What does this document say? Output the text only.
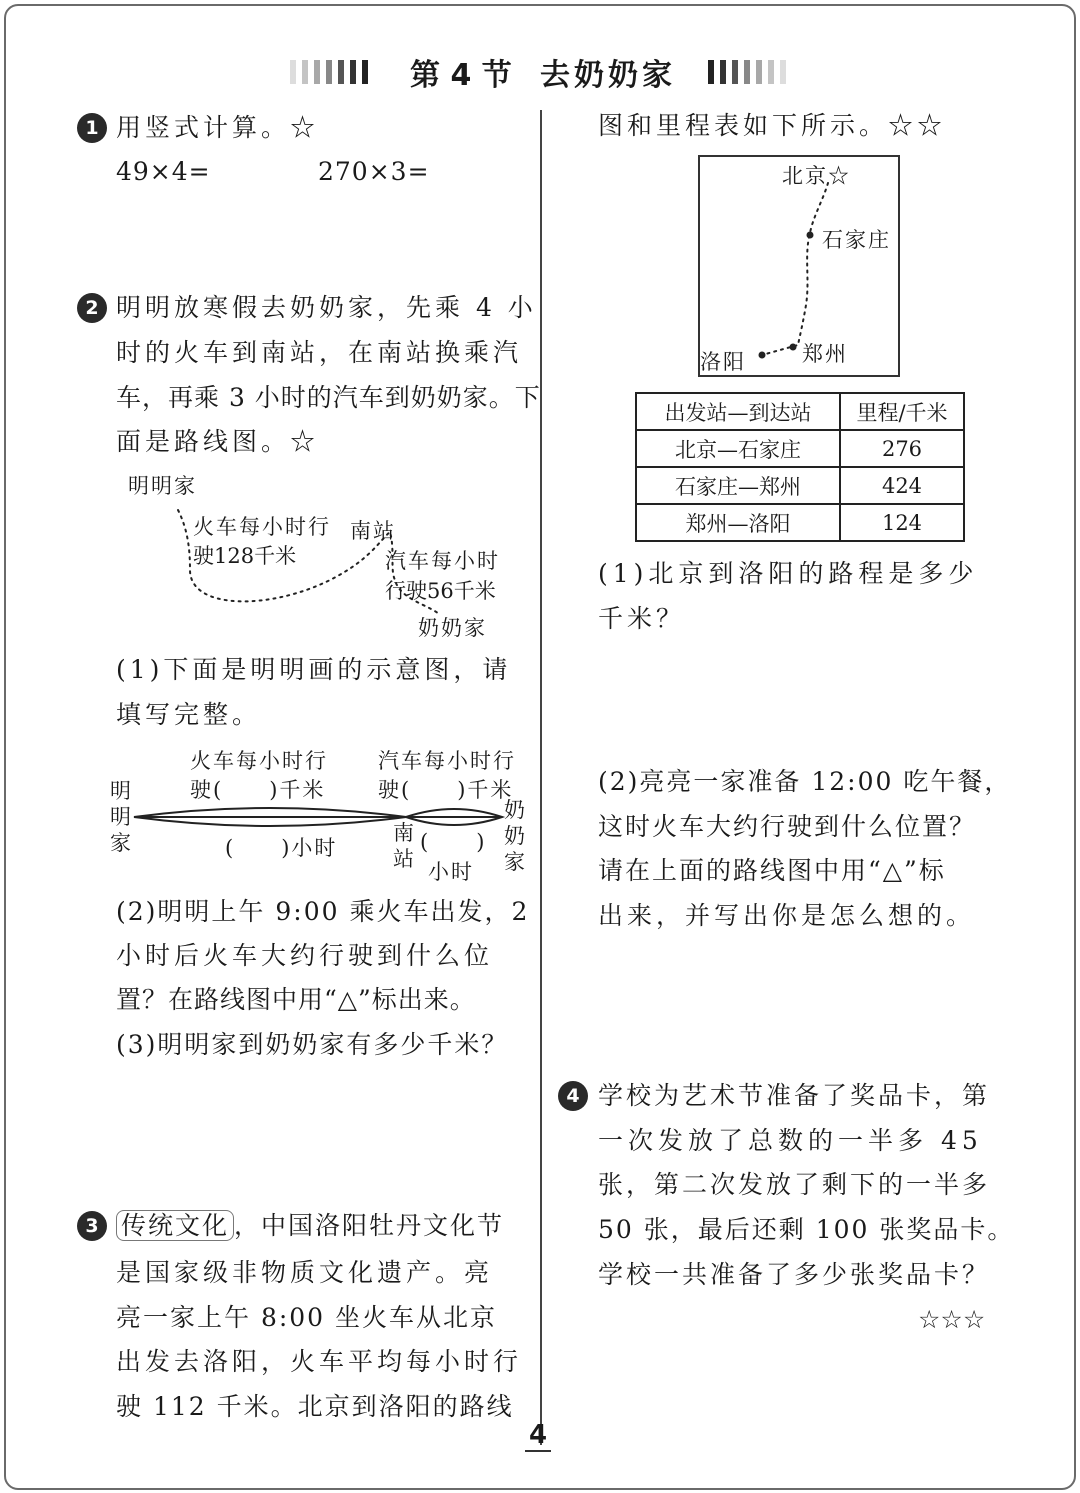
第 4 节 去奶奶家
1 用竖式计算。☆
49×4=	270×3=
2 明明放寒假去奶奶家，先乘 4 小
时的火车到南站，在南站换乘汽
车，再乘 3 小时的汽车到奶奶家。下
面是路线图。☆
明明家
火车每小时行
驶128千米
南站
汽车每小时
行驶56千米
奶奶家
(1)下面是明明画的示意图，请
填写完整。
火车每小时行
驶(　　)千米
汽车每小时行
驶(　　)千米
明明家
奶奶家
南站
(　　)小时	(　　)
小时
(2)明明上午 9:00 乘火车出发，2
小时后火车大约行驶到什么位
置？在路线图中用“△”标出来。
(3)明明家到奶奶家有多少千米？
3 传统文化 ，中国洛阳牡丹文化节
是国家级非物质文化遗产。亮
亮一家上午 8:00 坐火车从北京
出发去洛阳，火车平均每小时行
驶 112 千米。北京到洛阳的路线
图和里程表如下所示。☆☆
北京☆
石家庄
郑州
洛阳
出发站—到达站	里程/千米
北京—石家庄	276
石家庄—郑州	424
郑州—洛阳	124
(1)北京到洛阳的路程是多少
千米？
(2)亮亮一家准备 12:00 吃午餐，
这时火车大约行驶到什么位置？
请在上面的路线图中用“△”标
出来，并写出你是怎么想的。
4 学校为艺术节准备了奖品卡，第
一次发放了总数的一半多 45
张，第二次发放了剩下的一半多
50 张，最后还剩 100 张奖品卡。
学校一共准备了多少张奖品卡？
☆☆☆
4
